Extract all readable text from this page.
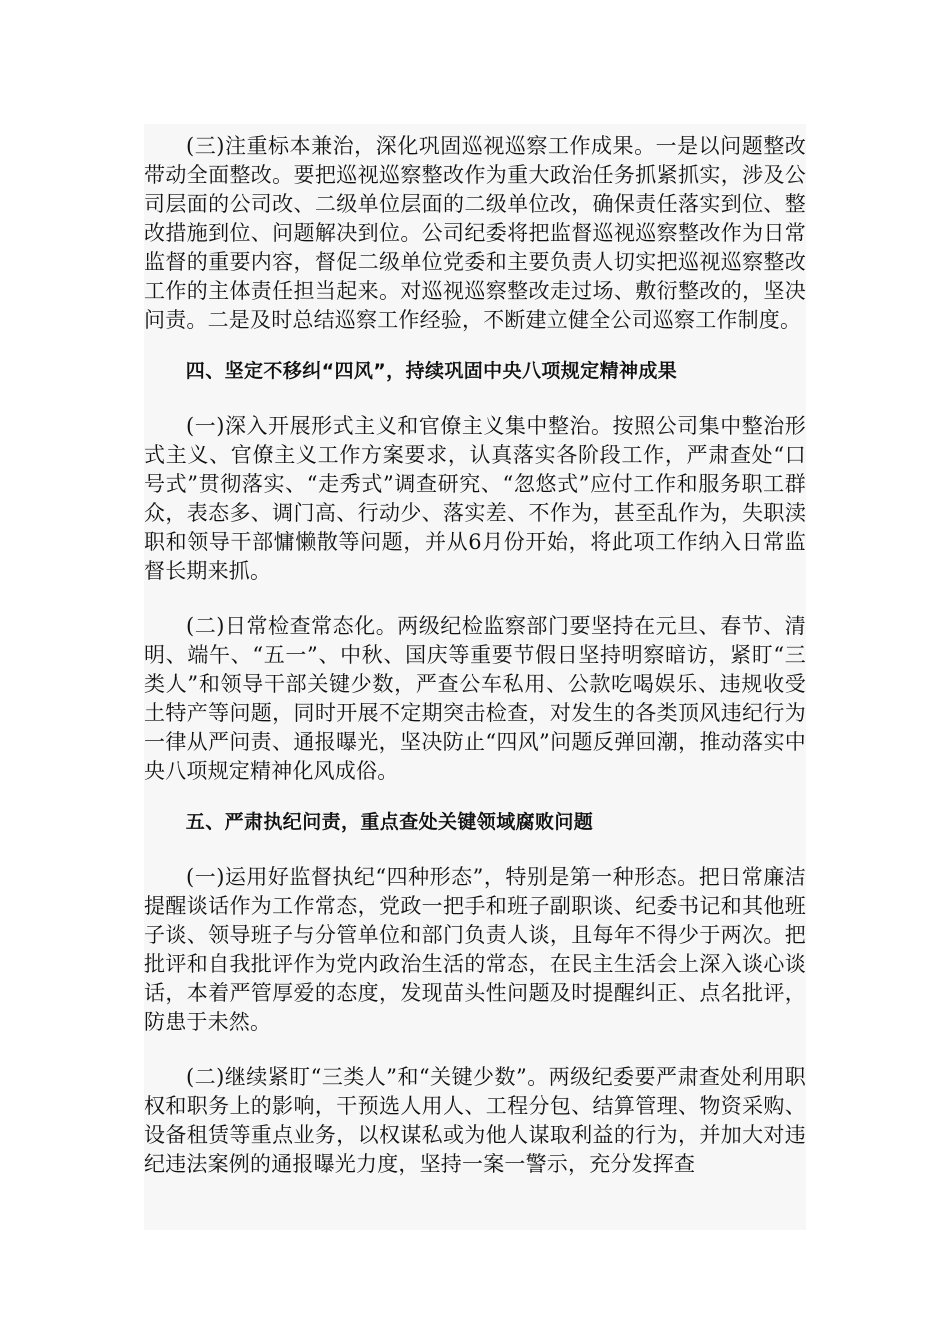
(三)注重标本兼治，深化巩固巡视巡察工作成果。一是以问题整改带动全面整改。要把巡视巡察整改作为重大政治任务抓紧抓实，涉及公司层面的公司改、二级单位层面的二级单位改，确保责任落实到位、整改措施到位、问题解决到位。公司纪委将把监督巡视巡察整改作为日常监督的重要内容，督促二级单位党委和主要负责人切实把巡视巡察整改工作的主体责任担当起来。对巡视巡察整改走过场、敷衍整改的，坚决问责。二是及时总结巡察工作经验，不断建立健全公司巡察工作制度。

四、坚定不移纠“四风”，持续巩固中央八项规定精神成果

(一)深入开展形式主义和官僚主义集中整治。按照公司集中整治形式主义、官僚主义工作方案要求，认真落实各阶段工作，严肃查处“口号式”贯彻落实、“走秀式”调查研究、“忽悠式”应付工作和服务职工群众，表态多、调门高、行动少、落实差、不作为，甚至乱作为，失职渎职和领导干部慵懒散等问题，并从6月份开始，将此项工作纳入日常监督长期来抓。

(二)日常检查常态化。两级纪检监察部门要坚持在元旦、春节、清明、端午、“五一”、中秋、国庆等重要节假日坚持明察暗访，紧盯“三类人”和领导干部关键少数，严查公车私用、公款吃喝娱乐、违规收受土特产等问题，同时开展不定期突击检查，对发生的各类顶风违纪行为一律从严问责、通报曝光，坚决防止“四风”问题反弹回潮，推动落实中央八项规定精神化风成俗。

五、严肃执纪问责，重点查处关键领域腐败问题

(一)运用好监督执纪“四种形态”，特别是第一种形态。把日常廉洁提醒谈话作为工作常态，党政一把手和班子副职谈、纪委书记和其他班子谈、领导班子与分管单位和部门负责人谈，且每年不得少于两次。把批评和自我批评作为党内政治生活的常态，在民主生活会上深入谈心谈话，本着严管厚爱的态度，发现苗头性问题及时提醒纠正、点名批评，防患于未然。

(二)继续紧盯“三类人”和“关键少数”。两级纪委要严肃查处利用职权和职务上的影响，干预选人用人、工程分包、结算管理、物资采购、设备租赁等重点业务，以权谋私或为他人谋取利益的行为，并加大对违纪违法案例的通报曝光力度，坚持一案一警示，充分发挥查
